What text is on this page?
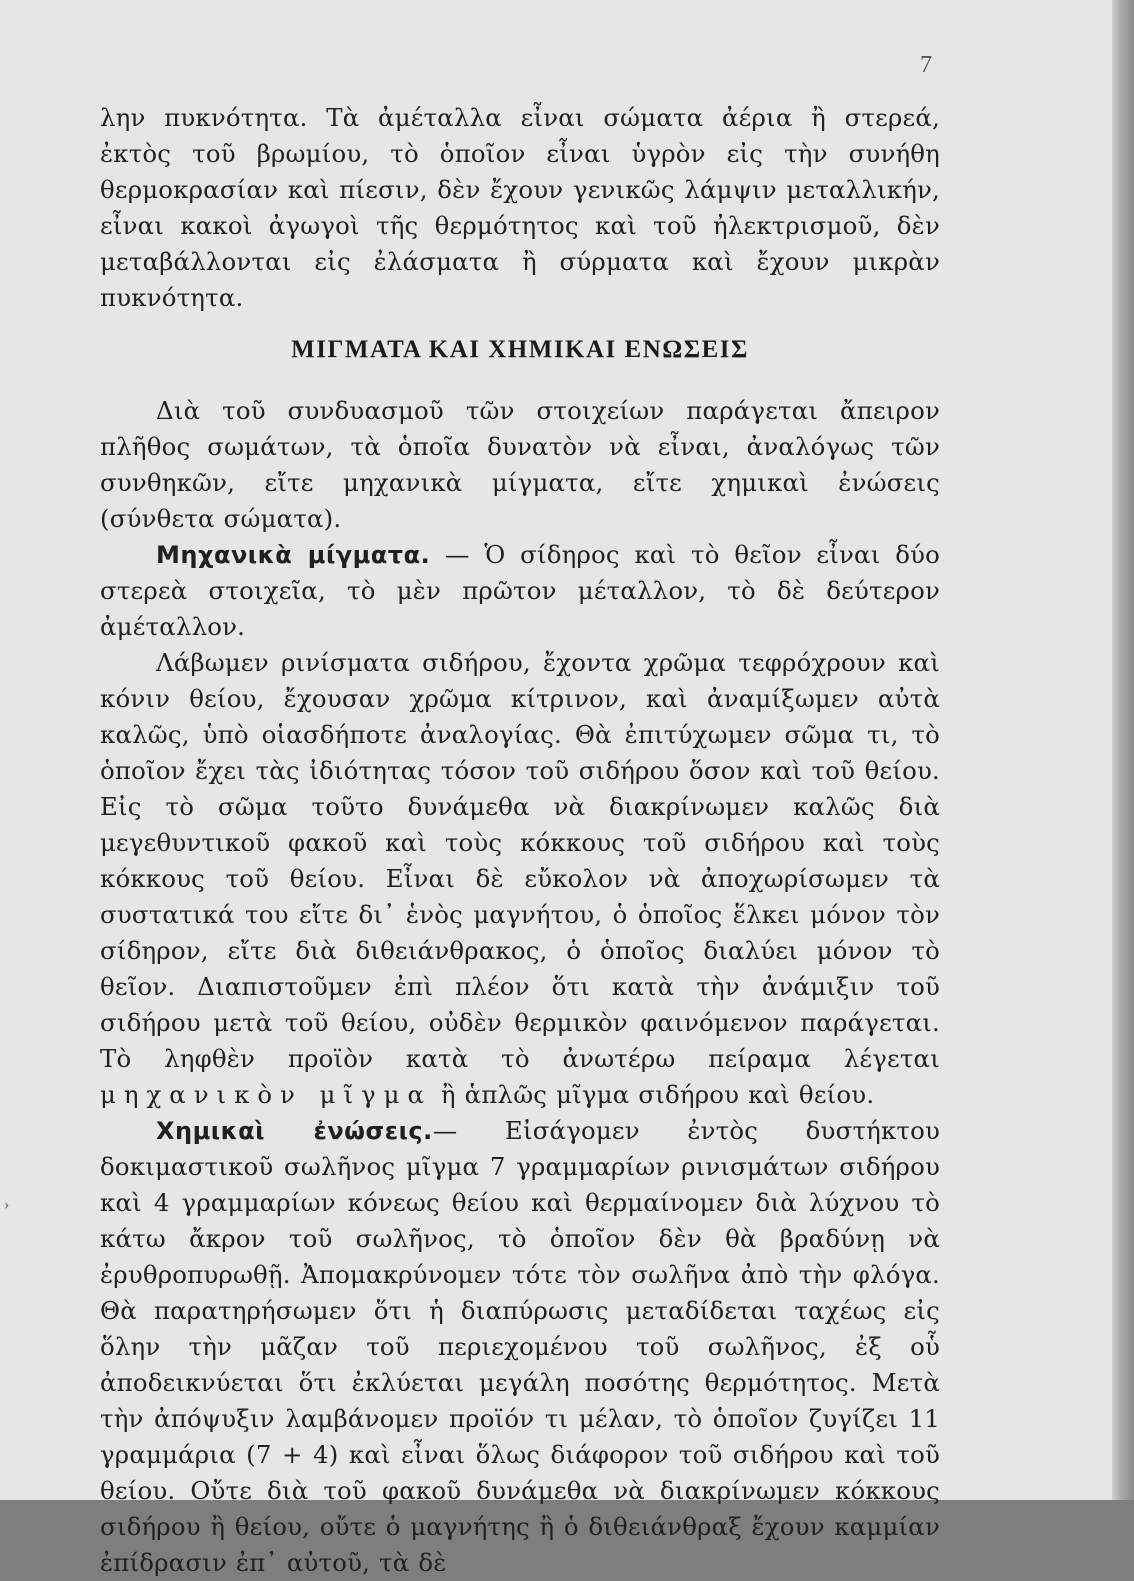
7

λην πυκνότητα. Τὰ ἀμέταλλα εἶναι σώματα ἀέρια ἢ στερεά, ἐκτὸς τοῦ βρωμίου, τὸ ὁποῖον εἶναι ὑγρὸν εἰς τὴν συνήθη θερμοκρασίαν καὶ πίεσιν, δὲν ἔχουν γενικῶς λάμψιν μεταλλικήν, εἶναι κακοὶ ἀγωγοὶ τῆς θερμότητος καὶ τοῦ ἠλεκτρισμοῦ, δὲν μεταβάλλονται εἰς ἐλάσματα ἢ σύρματα καὶ ἔχουν μικρὰν πυκνότητα.

ΜΙΓΜΑΤΑ ΚΑΙ ΧΗΜΙΚΑΙ ΕΝΩΣΕΙΣ

Διὰ τοῦ συνδυασμοῦ τῶν στοιχείων παράγεται ἄπειρον πλῆθος σωμάτων, τὰ ὁποῖα δυνατὸν νὰ εἶναι, ἀναλόγως τῶν συνθηκῶν, εἴτε μηχανικὰ μίγματα, εἴτε χημικαὶ ἐνώσεις (σύνθετα σώματα).

Μηχανικὰ μίγματα. — Ὁ σίδηρος καὶ τὸ θεῖον εἶναι δύο στερεὰ στοιχεῖα, τὸ μὲν πρῶτον μέταλλον, τὸ δὲ δεύτερον ἀμέταλλον.

Λάβωμεν ρινίσματα σιδήρου, ἔχοντα χρῶμα τεφρόχρουν καὶ κόνιν θείου, ἔχουσαν χρῶμα κίτρινον, καὶ ἀναμίξωμεν αὐτὰ καλῶς, ὑπὸ οἱασδήποτε ἀναλογίας. Θὰ ἐπιτύχωμεν σῶμα τι, τὸ ὁποῖον ἔχει τὰς ἰδιότητας τόσον τοῦ σιδήρου ὅσον καὶ τοῦ θείου. Εἰς τὸ σῶμα τοῦτο δυνάμεθα νὰ διακρίνωμεν καλῶς διὰ μεγεθυντικοῦ φακοῦ καὶ τοὺς κόκκους τοῦ σιδήρου καὶ τοὺς κόκκους τοῦ θείου. Εἶναι δὲ εὔκολον νὰ ἀποχωρίσωμεν τὰ συστατικά του εἴτε δι᾽ ἑνὸς μαγνήτου, ὁ ὁποῖος ἕλκει μόνον τὸν σίδηρον, εἴτε διὰ διθειάνθρακος, ὁ ὁποῖος διαλύει μόνον τὸ θεῖον. Διαπιστοῦμεν ἐπὶ πλέον ὅτι κατὰ τὴν ἀνάμιξιν τοῦ σιδήρου μετὰ τοῦ θείου, οὐδὲν θερμικὸν φαινόμενον παράγεται. Τὸ ληφθὲν προϊὸν κατὰ τὸ ἀνωτέρω πείραμα λέγεται μηχανικὸν μῖγμα ἢ ἁπλῶς μῖγμα σιδήρου καὶ θείου.

Χημικαὶ ἐνώσεις.— Εἰσάγομεν ἐντὸς δυστήκτου δοκιμαστικοῦ σωλῆνος μῖγμα 7 γραμμαρίων ρινισμάτων σιδήρου καὶ 4 γραμμαρίων κόνεως θείου καὶ θερμαίνομεν διὰ λύχνου τὸ κάτω ἄκρον τοῦ σωλῆνος, τὸ ὁποῖον δὲν θὰ βραδύνῃ νὰ ἐρυθροπυρωθῇ. Ἀπομακρύνομεν τότε τὸν σωλῆνα ἀπὸ τὴν φλόγα. Θὰ παρατηρήσωμεν ὅτι ἡ διαπύρωσις μεταδίδεται ταχέως εἰς ὅλην τὴν μᾶζαν τοῦ περιεχομένου τοῦ σωλῆνος, ἐξ οὗ ἀποδεικνύεται ὅτι ἐκλύεται μεγάλη ποσότης θερμότητος. Μετὰ τὴν ἀπόψυξιν λαμβάνομεν προϊόν τι μέλαν, τὸ ὁποῖον ζυγίζει 11 γραμμάρια (7 + 4) καὶ εἶναι ὅλως διάφορον τοῦ σιδήρου καὶ τοῦ θείου. Οὔτε διὰ τοῦ φακοῦ δυνάμεθα νὰ διακρίνωμεν κόκκους σιδήρου ἢ θείου, οὔτε ὁ μαγνήτης ἢ ὁ διθειάνθραξ ἔχουν καμμίαν ἐπίδρασιν ἐπ᾽ αὐτοῦ, τὰ δὲ

›
